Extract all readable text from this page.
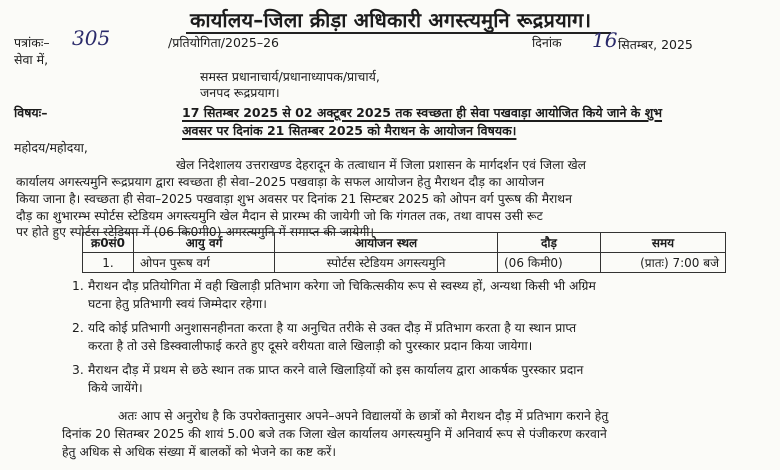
कार्यालय–जिला क्रीड़ा अधिकारी अगस्त्यमुनि रूद्रप्रयाग।
पत्रांकः– 305	/प्रतियोगिता/2025–26	दिनांक 16 सितम्बर, 2025
सेवा में,
समस्त प्रधानाचार्य/प्रधानाध्यापक/प्राचार्य,
जनपद रूद्रप्रयाग।
विषयः–	17 सितम्बर 2025 से 02 अक्टूबर 2025 तक स्वच्छता ही सेवा पखवाड़ा आयोजित किये जाने के शुभ
अवसर पर दिनांक 21 सितम्बर 2025 को मैराथन के आयोजन विषयक।
महोदय/महोदया,
खेल निदेशालय उत्तराखण्ड देहरादून के तत्वाधान में जिला प्रशासन के मार्गदर्शन एवं जिला खेल
कार्यालय अगस्त्यमुनि रूद्रप्रयाग द्वारा स्वच्छता ही सेवा–2025 पखवाड़ा के सफल आयोजन हेतु मैराथन दौड़ का आयोजन
किया जाना है। स्वच्छता ही सेवा–2025 पखवाड़ा शुभ अवसर पर दिनांक 21 सिम्टबर 2025 को ओपन वर्ग पुरूष की मैराथन
दौड़ का शुभारम्भ स्पोर्टस स्टेडियम अगस्त्यमुनि खेल मैदान से प्रारम्भ की जायेगी जो कि गंगतल तक, तथा वापस उसी रूट
पर होते हुए स्पोर्टस स्टेडियम में (06 कि0मी0) अगस्त्यमुनि में समाप्त की जायेगी।
क्र0सं0	आयु वर्ग	आयोजन स्थल	दौड़	समय
1.	ओपन पुरूष वर्ग	स्पोर्टस स्टेडियम अगस्त्यमुनि	(06 किमी0)	(प्रातः) 7:00 बजे
1. मैराथन दौड़ प्रतियोगिता में वही खिलाड़ी प्रतिभाग करेगा जो चिकित्सकीय रूप से स्वस्थ्य हों, अन्यथा किसी भी अग्रिम
घटना हेतु प्रतिभागी स्वयं जिम्मेदार रहेगा।
2. यदि कोई प्रतिभागी अनुशासनहीनता करता है या अनुचित तरीके से उक्त दौड़ में प्रतिभाग करता है या स्थान प्राप्त
करता है तो उसे डिस्क्वालीफाई करते हुए दूसरे वरीयता वाले खिलाड़ी को पुरस्कार प्रदान किया जायेगा।
3. मैराथन दौड़ में प्रथम से छठे स्थान तक प्राप्त करने वाले खिलाड़ियों को इस कार्यालय द्वारा आकर्षक पुरस्कार प्रदान
किये जायेंगे।
अतः आप से अनुरोध है कि उपरोक्तानुसार अपने–अपने विद्यालयों के छात्रों को मैराथन दौड़ में प्रतिभाग कराने हेतु
दिनांक 20 सितम्बर 2025 की शायं 5.00 बजे तक जिला खेल कार्यालय अगस्त्यमुनि में अनिवार्य रूप से पंजीकरण करवाने
हेतु अधिक से अधिक संख्या में बालकों को भेजने का कष्ट करें।
